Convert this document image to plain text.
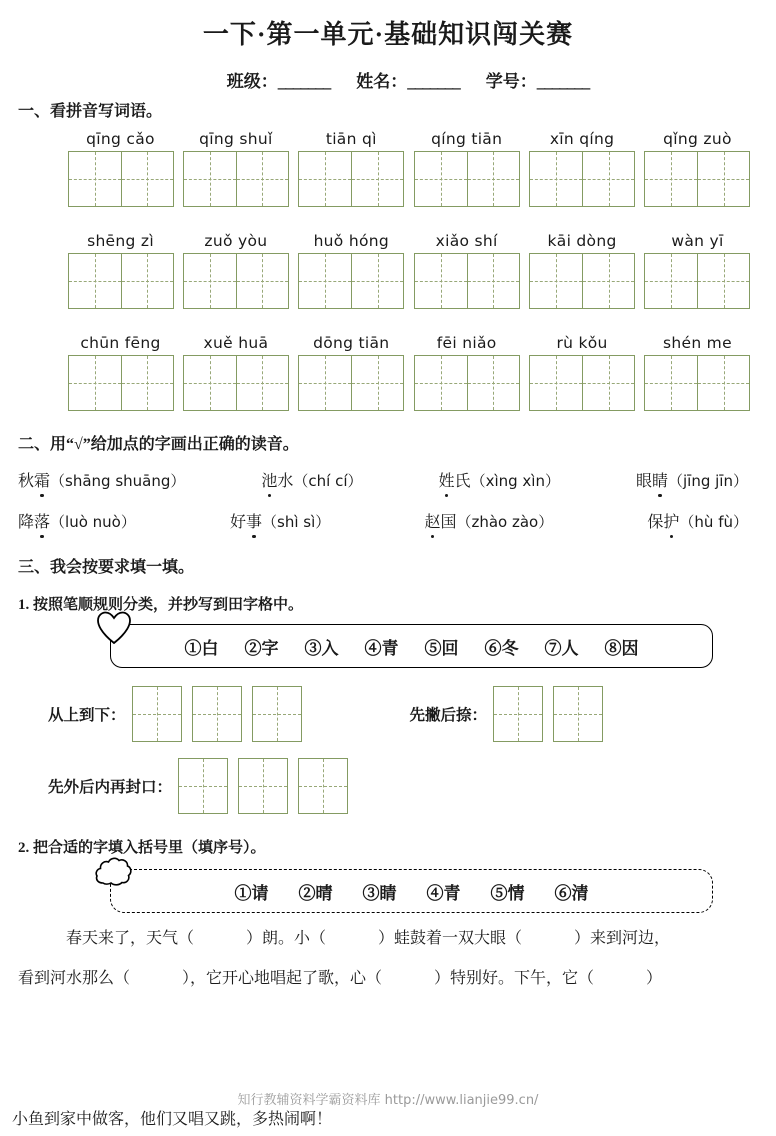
一下·第一单元·基础知识闯关赛
班级：_______ 姓名：_______ 学号：_______
一、看拼音写词语。
qīng cǎo	qīng shuǐ	tiān qì	qíng tiān	xīn qíng	qǐng zuò
shēng zì	zuǒ yòu	huǒ hóng	xiǎo shí	kāi dòng	wàn yī
chūn fēng	xuě huā	dōng tiān	fēi niǎo	rù kǒu	shén me
二、用“√”给加点的字画出正确的读音。
秋 霜 （shāng shuāng）	池 水 （chí cí）	姓 氏 （xìng xìn）	眼 睛 （jīng jīn）
降 落 （luò nuò）	好 事 （shì sì）	赵 国 （zhào zào）	保 护 （hù fù）
三、我会按要求填一填。
1. 按照笔顺规则分类，并抄写到田字格中。
①白 ②字 ③入 ④青 ⑤回 ⑥冬 ⑦人 ⑧因
从上到下：	先撇后捺：
先外后内再封口：
2. 把合适的字填入括号里（填序号）。
①请 ②晴 ③睛 ④青 ⑤情 ⑥清
春天来了，天气（	）朗。小（	）蛙鼓着一双大眼（	）来到河边，
看到河水那么（	），它开心地唱起了歌，心（	）特别好。下午，它（	）
知行教辅资料学霸资料库 http://www.lianjie99.cn/
小鱼到家中做客，他们又唱又跳，多热闹啊！
